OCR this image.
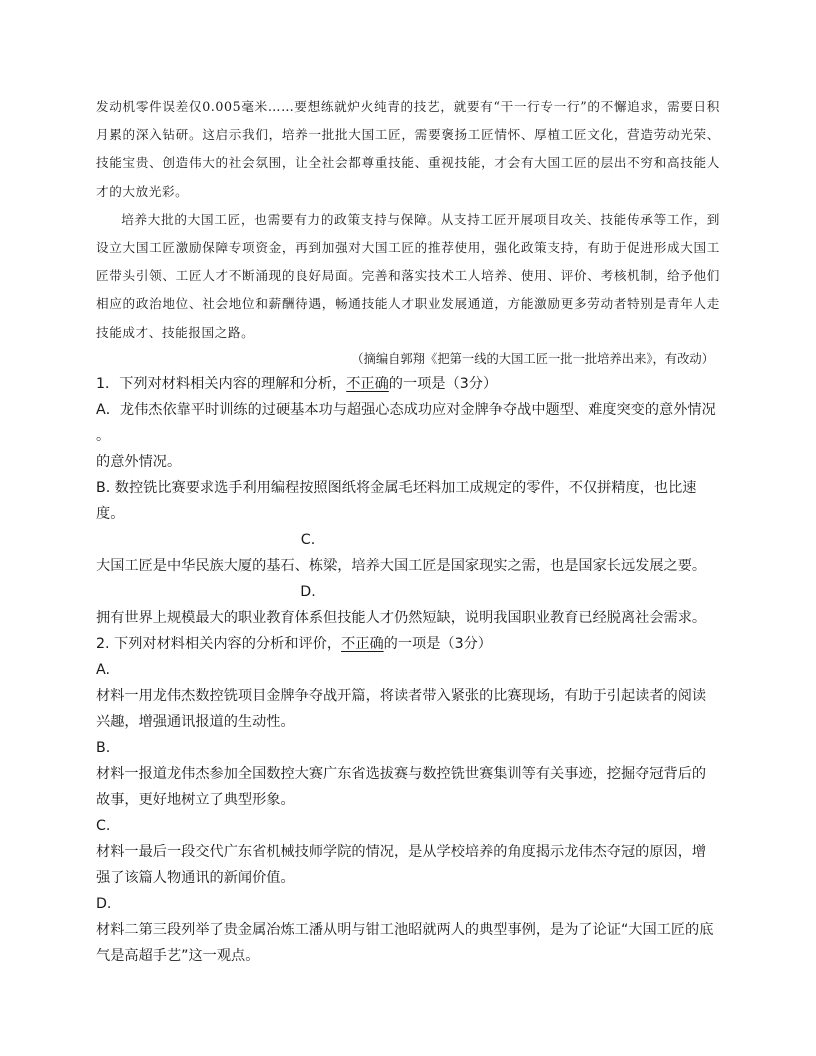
发动机零件误差仅0.005毫米……要想练就炉火纯青的技艺，就要有“干一行专一行”的不懈追求，需要日积月累的深入钻研。这启示我们，培养一批批大国工匠，需要褒扬工匠情怀、厚植工匠文化，营造劳动光荣、技能宝贵、创造伟大的社会氛围，让全社会都尊重技能、重视技能，才会有大国工匠的层出不穷和高技能人才的大放光彩。

培养大批的大国工匠，也需要有力的政策支持与保障。从支持工匠开展项目攻关、技能传承等工作，到设立大国工匠激励保障专项资金，再到加强对大国工匠的推荐使用，强化政策支持，有助于促进形成大国工匠带头引领、工匠人才不断涌现的良好局面。完善和落实技术工人培养、使用、评价、考核机制，给予他们相应的政治地位、社会地位和薪酬待遇，畅通技能人才职业发展通道，方能激励更多劳动者特别是青年人走技能成才、技能报国之路。

（摘编自郭翔《把第一线的大国工匠一批一批培养出来》，有改动）

1．下列对材料相关内容的理解和分析，不正确的一项是（3分）

A．龙伟杰依靠平时训练的过硬基本功与超强心态成功应对金牌争夺战中题型、难度突变的意外情况

。

的意外情况。

B. 数控铣比赛要求选手利用编程按照图纸将金属毛坯料加工成规定的零件，不仅拼精度，也比速度。

C.

大国工匠是中华民族大厦的基石、栋梁，培养大国工匠是国家现实之需，也是国家长远发展之要。

D.

拥有世界上规模最大的职业教育体系但技能人才仍然短缺，说明我国职业教育已经脱离社会需求。

2. 下列对材料相关内容的分析和评价，不正确的一项是（3分）

A.

材料一用龙伟杰数控铣项目金牌争夺战开篇，将读者带入紧张的比赛现场，有助于引起读者的阅读兴趣，增强通讯报道的生动性。

B.

材料一报道龙伟杰参加全国数控大赛广东省选拔赛与数控铣世赛集训等有关事迹，挖掘夺冠背后的故事，更好地树立了典型形象。

C.

材料一最后一段交代广东省机械技师学院的情况，是从学校培养的角度揭示龙伟杰夺冠的原因，增强了该篇人物通讯的新闻价值。

D.

材料二第三段列举了贵金属冶炼工潘从明与钳工池昭就两人的典型事例，是为了论证“大国工匠的底气是高超手艺”这一观点。
